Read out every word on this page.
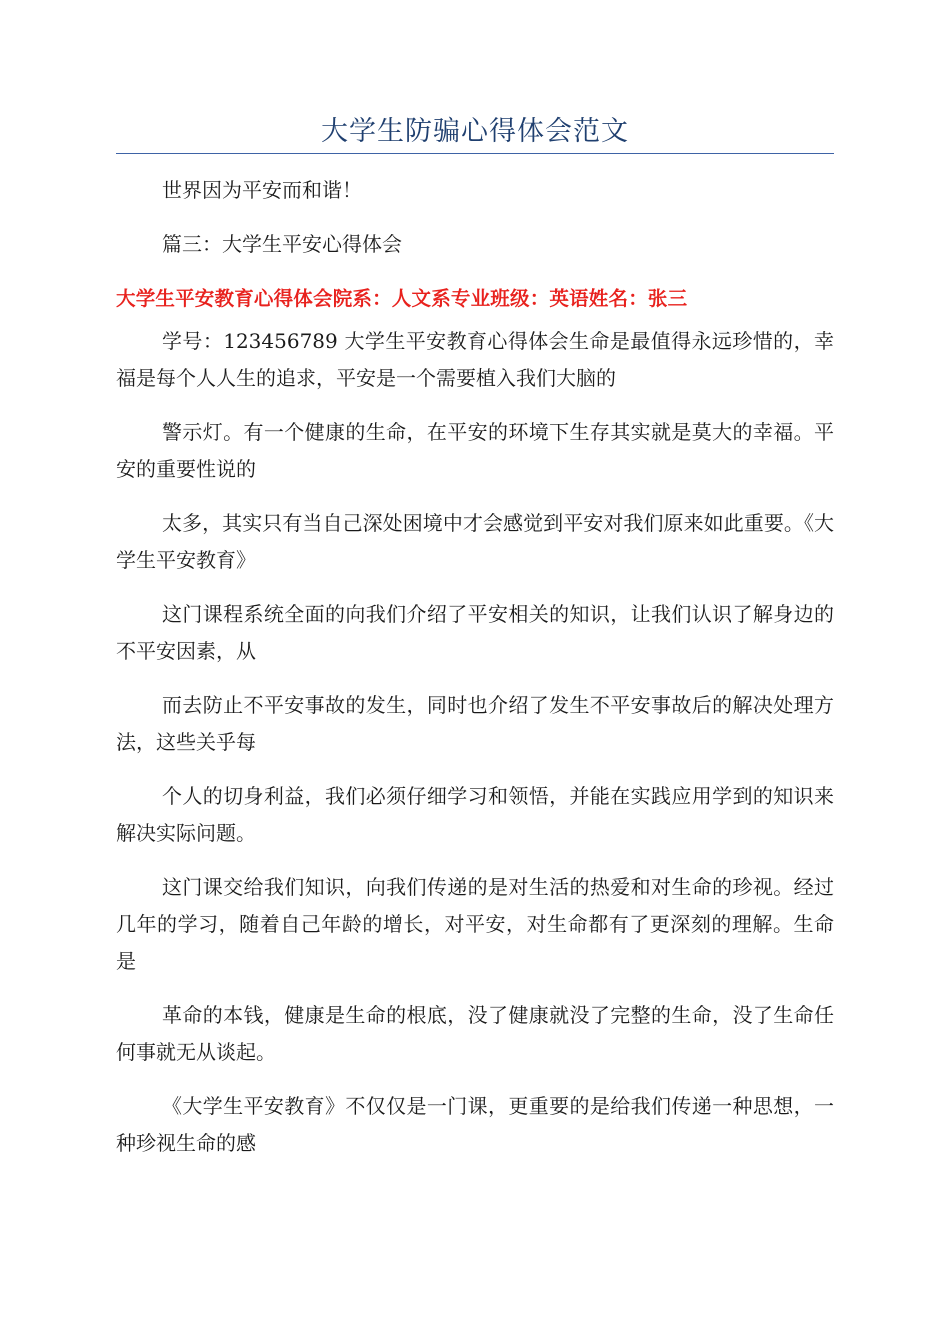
大学生防骗心得体会范文

世界因为平安而和谐！

篇三：大学生平安心得体会

大学生平安教育心得体会院系：人文系专业班级：英语姓名：张三

学号：123456789 大学生平安教育心得体会生命是最值得永远珍惜的，幸福是每个人人生的追求，平安是一个需要植入我们大脑的

警示灯。有一个健康的生命，在平安的环境下生存其实就是莫大的幸福。平安的重要性说的

太多，其实只有当自己深处困境中才会感觉到平安对我们原来如此重要。《大学生平安教育》

这门课程系统全面的向我们介绍了平安相关的知识，让我们认识了解身边的不平安因素，从

而去防止不平安事故的发生，同时也介绍了发生不平安事故后的解决处理方法，这些关乎每

个人的切身利益，我们必须仔细学习和领悟，并能在实践应用学到的知识来解决实际问题。

这门课交给我们知识，向我们传递的是对生活的热爱和对生命的珍视。经过几年的学习，随着自己年龄的增长，对平安，对生命都有了更深刻的理解。生命是

革命的本钱，健康是生命的根底，没了健康就没了完整的生命，没了生命任何事就无从谈起。

《大学生平安教育》不仅仅是一门课，更重要的是给我们传递一种思想，一种珍视生命的感
